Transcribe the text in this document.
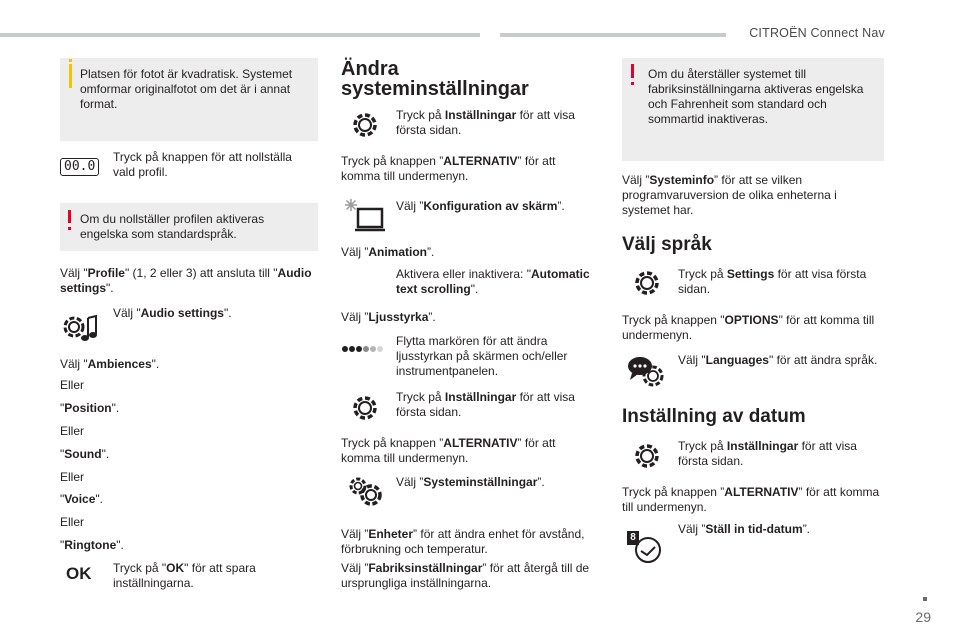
CITROËN Connect Nav
Platsen för fotot är kvadratisk. Systemet omformar originalfotot om det är i annat format.
00.0
Tryck på knappen för att nollställa vald profil.
Om du nollställer profilen aktiveras engelska som standardspråk.
Välj "Profile" (1, 2 eller 3) att ansluta till "Audio settings".
Välj "Audio settings".
Välj "Ambiences".
Eller
"Position".
Eller
"Sound".
Eller
"Voice".
Eller
"Ringtone".
OK Tryck på "OK" för att spara inställningarna.
Ändra
systeminställningar
Tryck på Inställningar för att visa första sidan.
Tryck på knappen ”ALTERNATIV” för att komma till undermenyn.
Välj ”Konfiguration av skärm”.
Välj ”Animation”.
Aktivera eller inaktivera: "Automatic text scrolling".
Välj ”Ljusstyrka”.
Flytta markören för att ändra ljusstyrkan på skärmen och/eller instrumentpanelen.
Tryck på Inställningar för att visa första sidan.
Tryck på knappen ”ALTERNATIV” för att komma till undermenyn.
Välj ”Systeminställningar”.
Välj ”Enheter” för att ändra enhet för avstånd, förbrukning och temperatur.
Välj ”Fabriksinställningar” för att återgå till de ursprungliga inställningarna.
Om du återställer systemet till fabriksinställningarna aktiveras engelska och Fahrenheit som standard och sommartid inaktiveras.
Välj ”Systeminfo” för att se vilken programvaruversion de olika enheterna i systemet har.
Välj språk
Tryck på Settings för att visa första sidan.
Tryck på knappen "OPTIONS" för att komma till undermenyn.
Välj "Languages" för att ändra språk.
Inställning av datum
Tryck på Inställningar för att visa första sidan.
Tryck på knappen ”ALTERNATIV” för att komma till undermenyn.
8
Välj ”Ställ in tid-datum”.
29
